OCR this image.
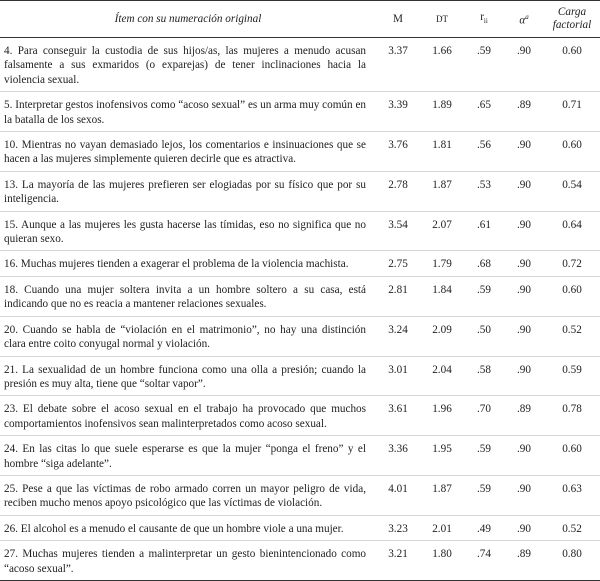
Ítem con su numeración original	M	DT	$r_{ii}$	$\alpha^a$	Carga
factorial
4. Para conseguir la custodia de sus hijos/as, las mujeres a menudo acusan falsamente a sus exmaridos (o exparejas) de tener inclinaciones hacia la violencia sexual.	3.37	1.66	.59	.90	0.60
5. Interpretar gestos inofensivos como “acoso sexual” es un arma muy común en la batalla de los sexos.	3.39	1.89	.65	.89	0.71
10. Mientras no vayan demasiado lejos, los comentarios e insinuaciones que se hacen a las mujeres simplemente quieren decirle que es atractiva.	3.76	1.81	.56	.90	0.60
13. La mayoría de las mujeres prefieren ser elogiadas por su físico que por su inteligencia.	2.78	1.87	.53	.90	0.54
15. Aunque a las mujeres les gusta hacerse las tímidas, eso no significa que no quieran sexo.	3.54	2.07	.61	.90	0.64
16. Muchas mujeres tienden a exagerar el problema de la violencia machista.	2.75	1.79	.68	.90	0.72
18. Cuando una mujer soltera invita a un hombre soltero a su casa, está indicando que no es reacia a mantener relaciones sexuales.	2.81	1.84	.59	.90	0.60
20. Cuando se habla de “violación en el matrimonio”, no hay una distinción clara entre coito conyugal normal y violación.	3.24	2.09	.50	.90	0.52
21. La sexualidad de un hombre funciona como una olla a presión; cuando la presión es muy alta, tiene que “soltar vapor”.	3.01	2.04	.58	.90	0.59
23. El debate sobre el acoso sexual en el trabajo ha provocado que muchos comportamientos inofensivos sean malinterpretados como acoso sexual.	3.61	1.96	.70	.89	0.78
24. En las citas lo que suele esperarse es que la mujer “ponga el freno” y el hombre “siga adelante”.	3.36	1.95	.59	.90	0.60
25. Pese a que las víctimas de robo armado corren un mayor peligro de vida, reciben mucho menos apoyo psicológico que las víctimas de violación.	4.01	1.87	.59	.90	0.63
26. El alcohol es a menudo el causante de que un hombre viole a una mujer.	3.23	2.01	.49	.90	0.52
27. Muchas mujeres tienden a malinterpretar un gesto bienintencionado como “acoso sexual”.	3.21	1.80	.74	.89	0.80
